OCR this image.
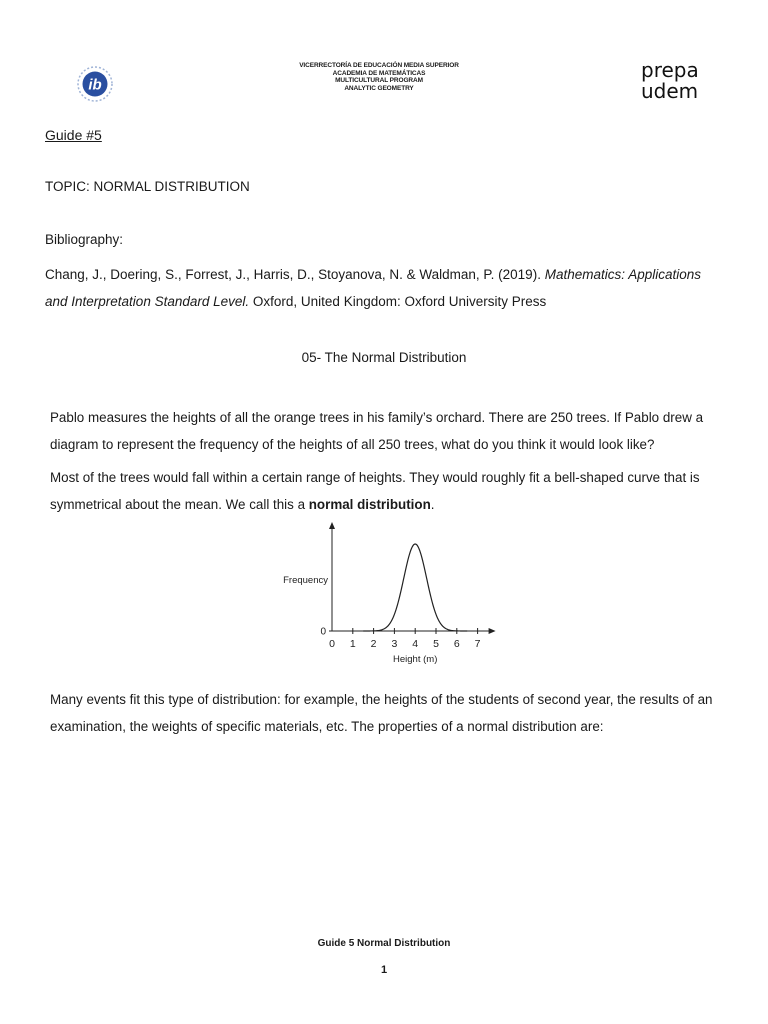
ib
VICERRECTORÍA DE EDUCACIÓN MEDIA SUPERIOR
ACADEMIA DE MATEMÁTICAS
MULTICULTURAL PROGRAM
ANALYTIC GEOMETRY
prepa
udem
Guide #5
TOPIC: NORMAL DISTRIBUTION
Bibliography:
Chang, J., Doering, S., Forrest, J., Harris, D., Stoyanova, N. & Waldman, P. (2019). Mathematics: Applications and Interpretation Standard Level. Oxford, United Kingdom: Oxford University Press
05- The Normal Distribution
Pablo measures the heights of all the orange trees in his family’s orchard. There are 250 trees. If Pablo drew a diagram to represent the frequency of the heights of all 250 trees, what do you think it would look like?
Most of the trees would fall within a certain range of heights. They would roughly fit a bell-shaped curve that is symmetrical about the mean. We call this a normal distribution.
0 1 2 3 4 5 6 7
0
Frequency
Height (m)
Many events fit this type of distribution: for example, the heights of the students of second year, the results of an examination, the weights of specific materials, etc. The properties of a normal distribution are:
Guide 5 Normal Distribution
1
